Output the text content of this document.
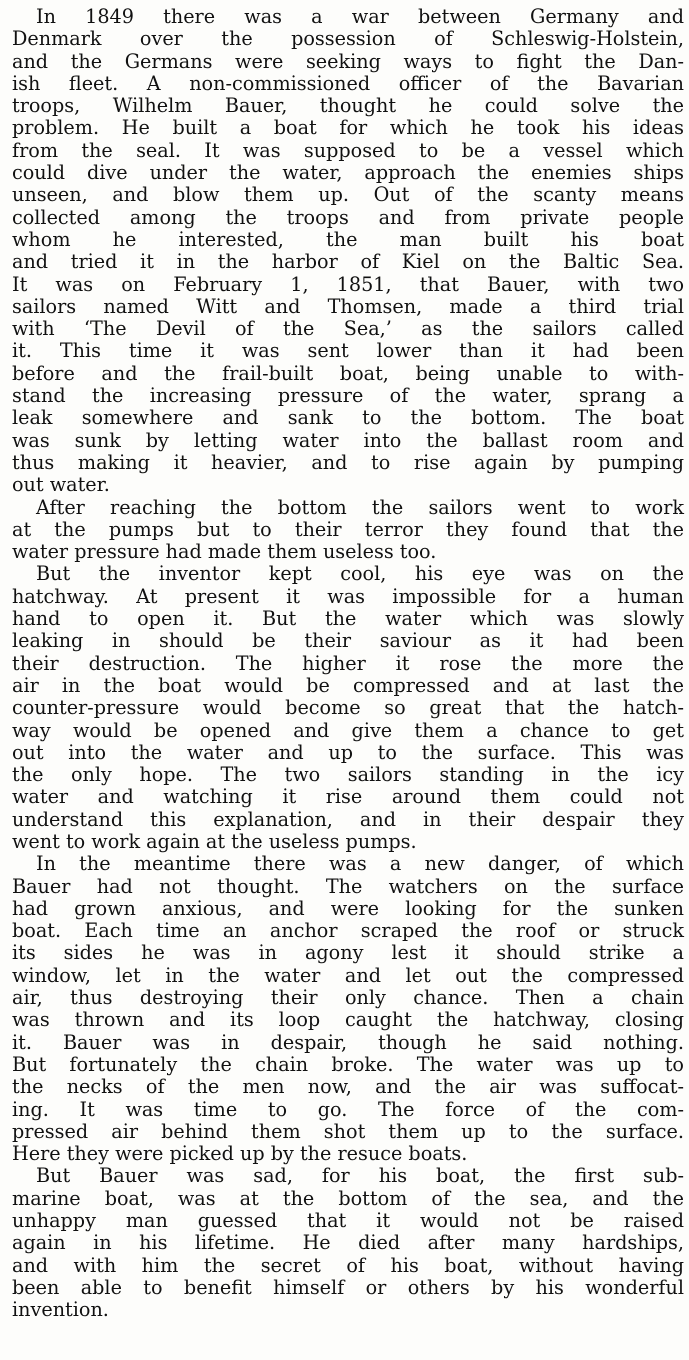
In 1849 there was a war between Germany and
Denmark over the possession of Schleswig-Holstein,
and the Germans were seeking ways to fight the Dan-
ish fleet. A non-commissioned officer of the Bavarian
troops, Wilhelm Bauer, thought he could solve the
problem. He built a boat for which he took his ideas
from the seal. It was supposed to be a vessel which
could dive under the water, approach the enemies ships
unseen, and blow them up. Out of the scanty means
collected among the troops and from private people
whom he interested, the man built his boat
and tried it in the harbor of Kiel on the Baltic Sea.
It was on February 1, 1851, that Bauer, with two
sailors named Witt and Thomsen, made a third trial
with ‘The Devil of the Sea,’ as the sailors called
it. This time it was sent lower than it had been
before and the frail-built boat, being unable to with-
stand the increasing pressure of the water, sprang a
leak somewhere and sank to the bottom. The boat
was sunk by letting water into the ballast room and
thus making it heavier, and to rise again by pumping
out water.
After reaching the bottom the sailors went to work
at the pumps but to their terror they found that the
water pressure had made them useless too.
But the inventor kept cool, his eye was on the
hatchway. At present it was impossible for a human
hand to open it. But the water which was slowly
leaking in should be their saviour as it had been
their destruction. The higher it rose the more the
air in the boat would be compressed and at last the
counter-pressure would become so great that the hatch-
way would be opened and give them a chance to get
out into the water and up to the surface. This was
the only hope. The two sailors standing in the icy
water and watching it rise around them could not
understand this explanation, and in their despair they
went to work again at the useless pumps.
In the meantime there was a new danger, of which
Bauer had not thought. The watchers on the surface
had grown anxious, and were looking for the sunken
boat. Each time an anchor scraped the roof or struck
its sides he was in agony lest it should strike a
window, let in the water and let out the compressed
air, thus destroying their only chance. Then a chain
was thrown and its loop caught the hatchway, closing
it. Bauer was in despair, though he said nothing.
But fortunately the chain broke. The water was up to
the necks of the men now, and the air was suffocat-
ing. It was time to go. The force of the com-
pressed air behind them shot them up to the surface.
Here they were picked up by the resuce boats.
But Bauer was sad, for his boat, the first sub-
marine boat, was at the bottom of the sea, and the
unhappy man guessed that it would not be raised
again in his lifetime. He died after many hardships,
and with him the secret of his boat, without having
been able to benefit himself or others by his wonderful
invention.
